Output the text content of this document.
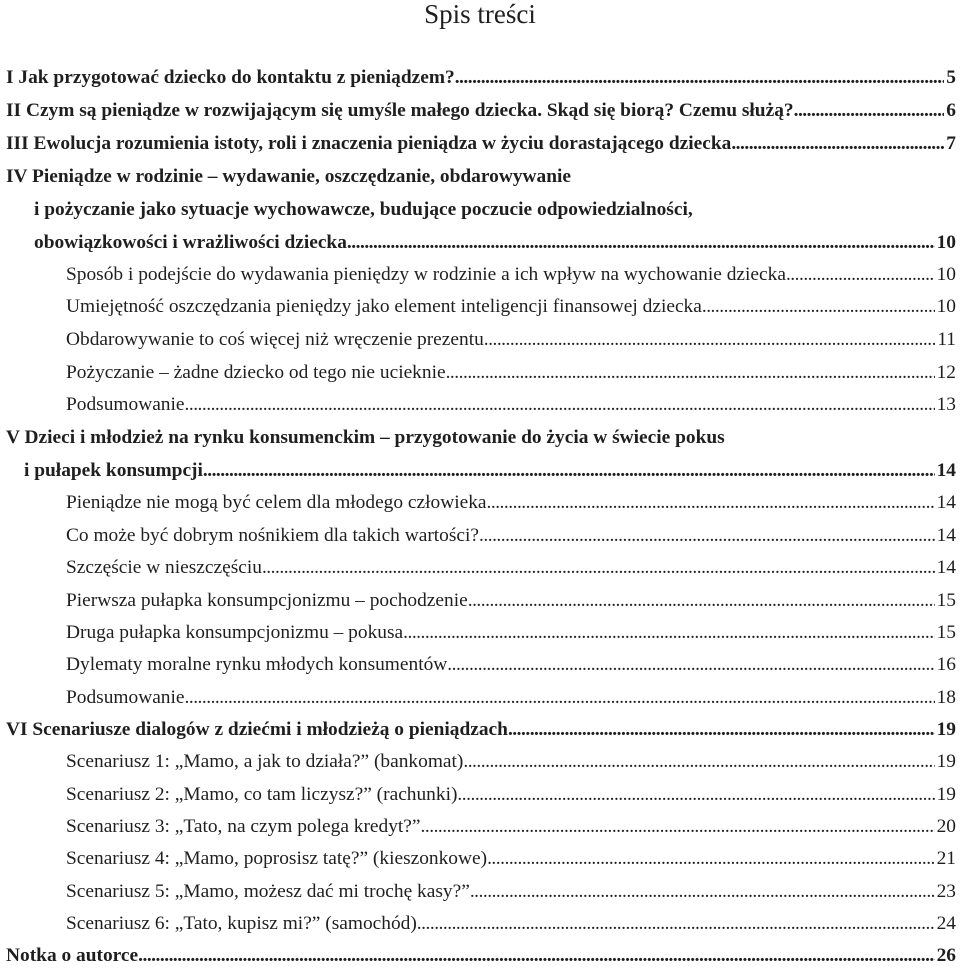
Spis treści
I Jak przygotować dziecko do kontaktu z pieniądzem? .....	5
II Czym są pieniądze w rozwijającym się umyśle małego dziecka. Skąd się biorą? Czemu służą? .....	6
III Ewolucja rozumienia istoty, roli i znaczenia pieniądza w życiu dorastającego dziecka .....	7
IV Pieniądze w rodzinie – wydawanie, oszczędzanie, obdarowywanie
i pożyczanie jako sytuacje wychowawcze, budujące poczucie odpowiedzialności,
obowiązkowości i wrażliwości dziecka .....	10
Sposób i podejście do wydawania pieniędzy w rodzinie a ich wpływ na wychowanie dziecka .....	10
Umiejętność oszczędzania pieniędzy jako element inteligencji finansowej dziecka .....	10
Obdarowywanie to coś więcej niż wręczenie prezentu .....	11
Pożyczanie – żadne dziecko od tego nie ucieknie .....	12
Podsumowanie .....	13
V Dzieci i młodzież na rynku konsumenckim – przygotowanie do życia w świecie pokus
i pułapek konsumpcji .....	14
Pieniądze nie mogą być celem dla młodego człowieka .....	14
Co może być dobrym nośnikiem dla takich wartości? .....	14
Szczęście w nieszczęściu .....	14
Pierwsza pułapka konsumpcjonizmu – pochodzenie .....	15
Druga pułapka konsumpcjonizmu – pokusa .....	15
Dylematy moralne rynku młodych konsumentów .....	16
Podsumowanie .....	18
VI Scenariusze dialogów z dziećmi i młodzieżą o pieniądzach .....	19
Scenariusz 1: „Mamo, a jak to działa?” (bankomat) .....	19
Scenariusz 2: „Mamo, co tam liczysz?” (rachunki) .....	19
Scenariusz 3: „Tato, na czym polega kredyt?” .....	20
Scenariusz 4: „Mamo, poprosisz tatę?” (kieszonkowe) .....	21
Scenariusz 5: „Mamo, możesz dać mi trochę kasy?” .....	23
Scenariusz 6: „Tato, kupisz mi?” (samochód) .....	24
Notka o autorce .....	26
